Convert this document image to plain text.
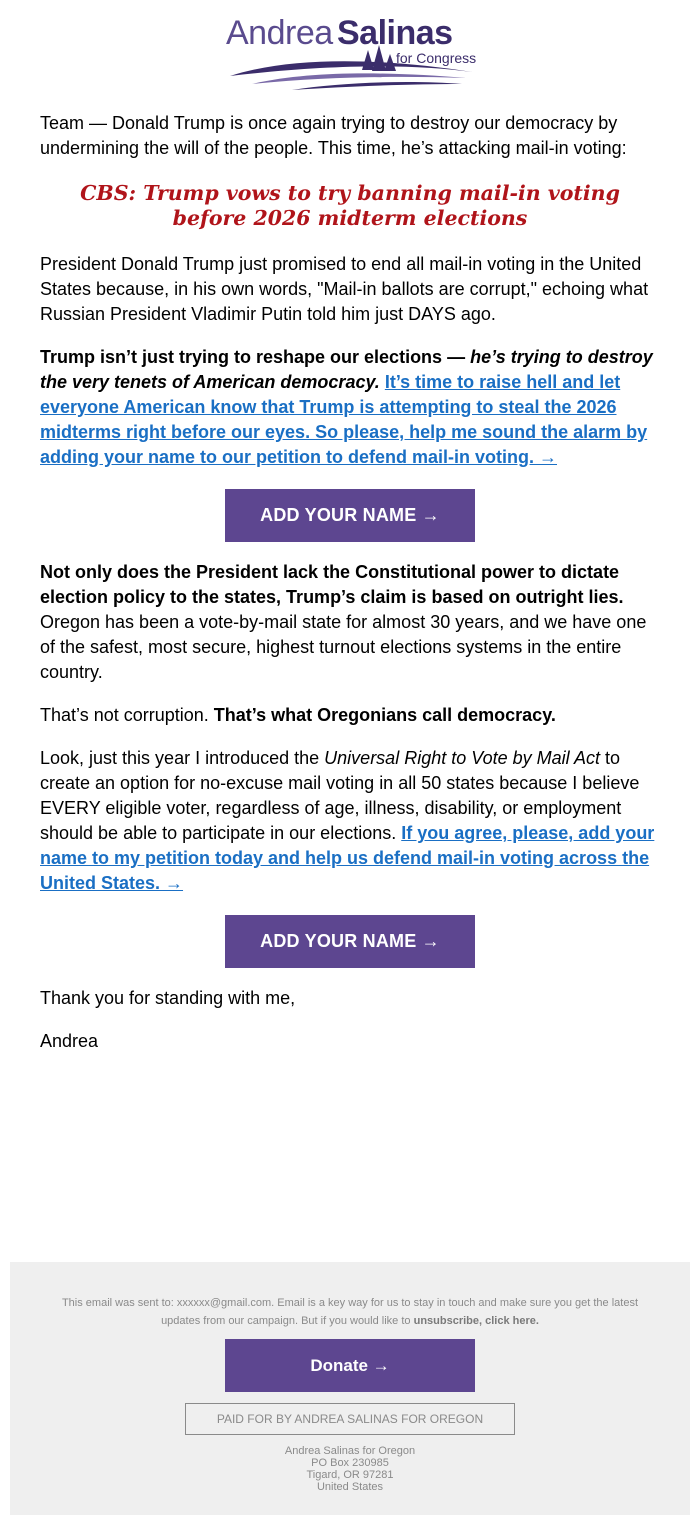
Andrea Salinas
for Congress

Team — Donald Trump is once again trying to destroy our democracy by undermining the will of the people. This time, he’s attacking mail-in voting:

CBS: Trump vows to try banning mail-in voting before 2026 midterm elections

President Donald Trump just promised to end all mail-in voting in the United States because, in his own words, "Mail-in ballots are corrupt," echoing what Russian President Vladimir Putin told him just DAYS ago.

Trump isn’t just trying to reshape our elections — he’s trying to destroy the very tenets of American democracy. It’s time to raise hell and let everyone American know that Trump is attempting to steal the 2026 midterms right before our eyes. So please, help me sound the alarm by adding your name to our petition to defend mail-in voting. →

ADD YOUR NAME →

Not only does the President lack the Constitutional power to dictate election policy to the states, Trump’s claim is based on outright lies. Oregon has been a vote-by-mail state for almost 30 years, and we have one of the safest, most secure, highest turnout elections systems in the entire country.

That’s not corruption. That’s what Oregonians call democracy.

Look, just this year I introduced the Universal Right to Vote by Mail Act to create an option for no-excuse mail voting in all 50 states because I believe EVERY eligible voter, regardless of age, illness, disability, or employment should be able to participate in our elections. If you agree, please, add your name to my petition today and help us defend mail-in voting across the United States. →

ADD YOUR NAME →

Thank you for standing with me,

Andrea

This email was sent to: xxxxxx@gmail.com. Email is a key way for us to stay in touch and make sure you get the latest updates from our campaign. But if you would like to unsubscribe, click here.

Donate →
PAID FOR BY ANDREA SALINAS FOR OREGON
Andrea Salinas for Oregon
PO Box 230985
Tigard, OR 97281
United States
